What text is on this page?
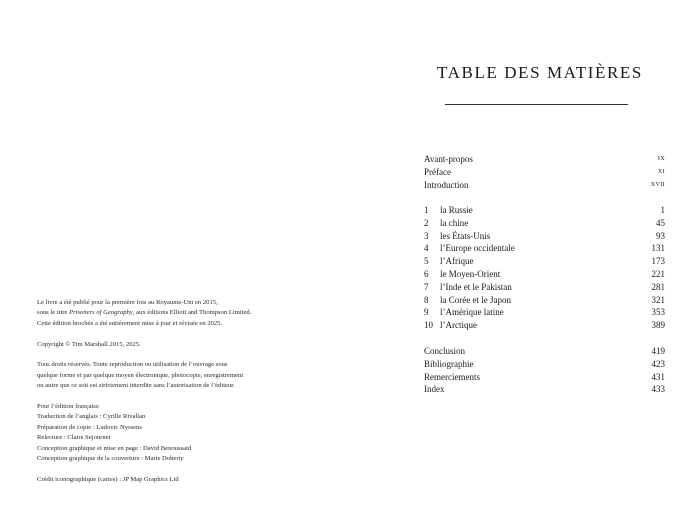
Le livre a été publié pour la première fois au Royaume-Uni en 2015,
sous le titre Prisoners of Geography, aux éditions Elliott and Thompson Limited.
Cette édition brochée a été entièrement mise à jour et révisée en 2025.
Copyright © Tim Marshall 2015, 2025.
Tous droits réservés. Toute reproduction ou utilisation de l’ouvrage sous
quelque forme et par quelque moyen électronique, photocopie, enregistrement
ou autre que ce soit est strictement interdite sans l’autorisation de l’éditeur.
Pour l’édition française
Traduction de l’anglais : Cyrille Rivallan
Préparation de copie : Ludovic Nyssens
Relecture : Claire Sejournet
Conception graphique et mise en page : David Benoussaïd
Conception graphique de la couverture : Marie Doherty
Crédit iconographique (cartes) : JP Map Graphics Ltd
TABLE DES MATIÈRES
Avant-propos	IX
Préface	XI
Introduction	XVII
1	la Russie	1
2	la chine	45
3	les États-Unis	93
4	l’Europe occidentale	131
5	l’Afrique	173
6	le Moyen-Orient	221
7	l’Inde et le Pakistan	281
8	la Corée et le Japon	321
9	l’Amérique latine	353
10 l’Arctique	389
Conclusion	419
Bibliographie	423
Remerciements	431
Index	433
